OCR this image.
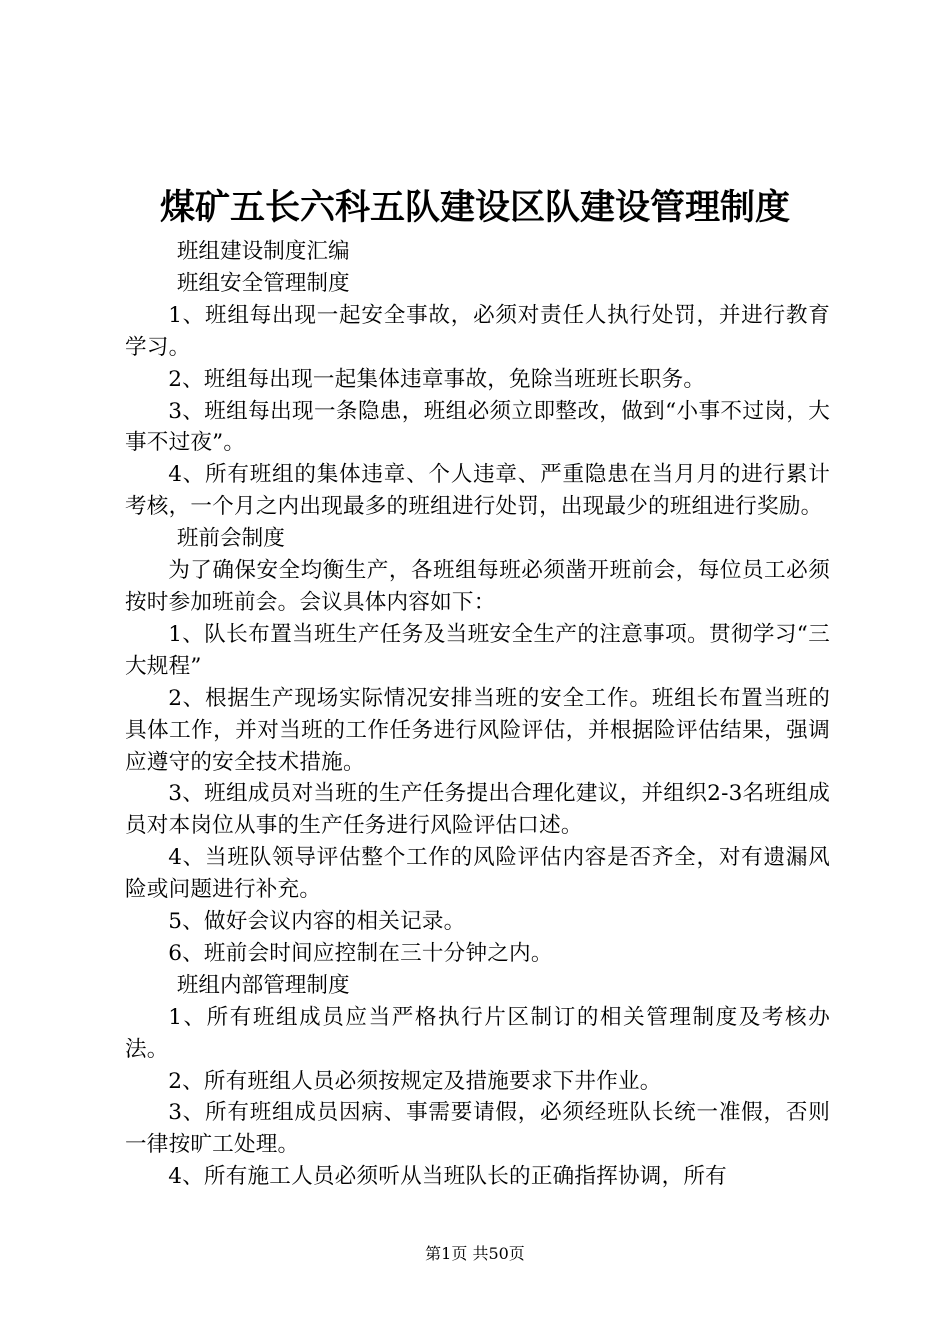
煤矿五长六科五队建设区队建设管理制度

班组建设制度汇编

班组安全管理制度

1、班组每出现一起安全事故，必须对责任人执行处罚，并进行教育学习。

2、班组每出现一起集体违章事故，免除当班班长职务。

3、班组每出现一条隐患，班组必须立即整改，做到“小事不过岗，大事不过夜”。

4、所有班组的集体违章、个人违章、严重隐患在当月月的进行累计考核，一个月之内出现最多的班组进行处罚，出现最少的班组进行奖励。

班前会制度

为了确保安全均衡生产，各班组每班必须凿开班前会，每位员工必须按时参加班前会。会议具体内容如下：

1、队长布置当班生产任务及当班安全生产的注意事项。贯彻学习“三大规程”

2、根据生产现场实际情况安排当班的安全工作。班组长布置当班的具体工作，并对当班的工作任务进行风险评估，并根据险评估结果，强调应遵守的安全技术措施。

3、班组成员对当班的生产任务提出合理化建议，并组织2-3名班组成员对本岗位从事的生产任务进行风险评估口述。

4、当班队领导评估整个工作的风险评估内容是否齐全，对有遗漏风险或问题进行补充。

5、做好会议内容的相关记录。

6、班前会时间应控制在三十分钟之内。

班组内部管理制度

1、所有班组成员应当严格执行片区制订的相关管理制度及考核办法。

2、所有班组人员必须按规定及措施要求下井作业。

3、所有班组成员因病、事需要请假，必须经班队长统一准假，否则一律按旷工处理。

4、所有施工人员必须听从当班队长的正确指挥协调，所有

第1页 共50页
